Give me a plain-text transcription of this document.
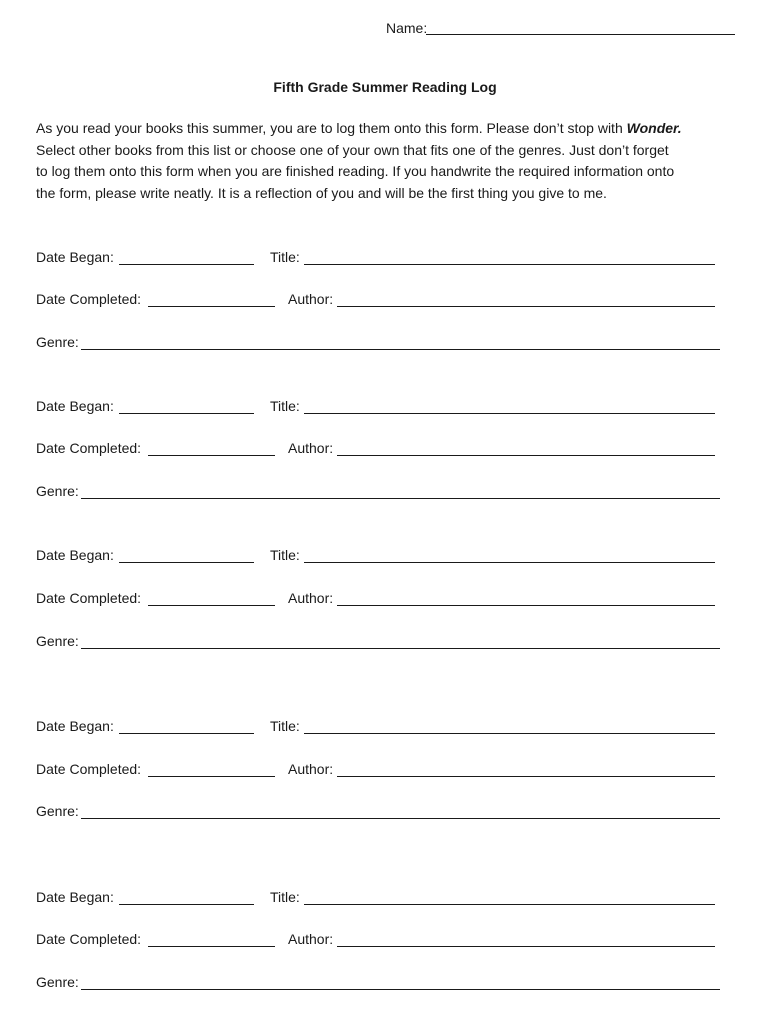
Name:
Fifth Grade Summer Reading Log
As you read your books this summer, you are to log them onto this form. Please don’t stop with Wonder.
Select other books from this list or choose one of your own that fits one of the genres. Just don’t forget
to log them onto this form when you are finished reading. If you handwrite the required information onto
the form, please write neatly. It is a reflection of you and will be the first thing you give to me.
Date Began:	Title:
Date Completed:	Author:
Genre:
Date Began:	Title:
Date Completed:	Author:
Genre:
Date Began:	Title:
Date Completed:	Author:
Genre:
Date Began:	Title:
Date Completed:	Author:
Genre:
Date Began:	Title:
Date Completed:	Author:
Genre:
